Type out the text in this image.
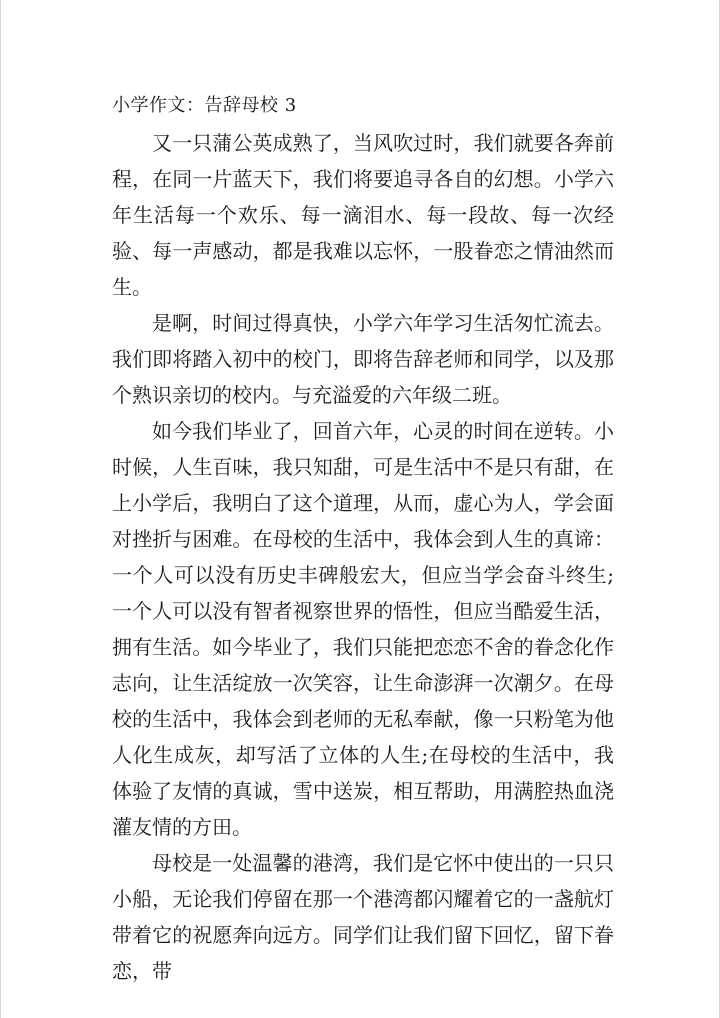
小学作文：告辞母校 3

又一只蒲公英成熟了，当风吹过时，我们就要各奔前程，在同一片蓝天下，我们将要追寻各自的幻想。小学六年生活每一个欢乐、每一滴泪水、每一段故、每一次经验、每一声感动，都是我难以忘怀，一股眷恋之情油然而生。

是啊，时间过得真快，小学六年学习生活匆忙流去。我们即将踏入初中的校门，即将告辞老师和同学，以及那个熟识亲切的校内。与充溢爱的六年级二班。

如今我们毕业了，回首六年，心灵的时间在逆转。小时候，人生百味，我只知甜，可是生活中不是只有甜，在上小学后，我明白了这个道理，从而，虚心为人，学会面对挫折与困难。在母校的生活中，我体会到人生的真谛：一个人可以没有历史丰碑般宏大，但应当学会奋斗终生;一个人可以没有智者视察世界的悟性，但应当酷爱生活，拥有生活。如今毕业了，我们只能把恋恋不舍的眷念化作志向，让生活绽放一次笑容，让生命澎湃一次潮夕。在母校的生活中，我体会到老师的无私奉献，像一只粉笔为他人化生成灰，却写活了立体的人生;在母校的生活中，我体验了友情的真诚，雪中送炭，相互帮助，用满腔热血浇灌友情的方田。

母校是一处温馨的港湾，我们是它怀中使出的一只只小船，无论我们停留在那一个港湾都闪耀着它的一盏航灯带着它的祝愿奔向远方。同学们让我们留下回忆，留下眷恋，带
